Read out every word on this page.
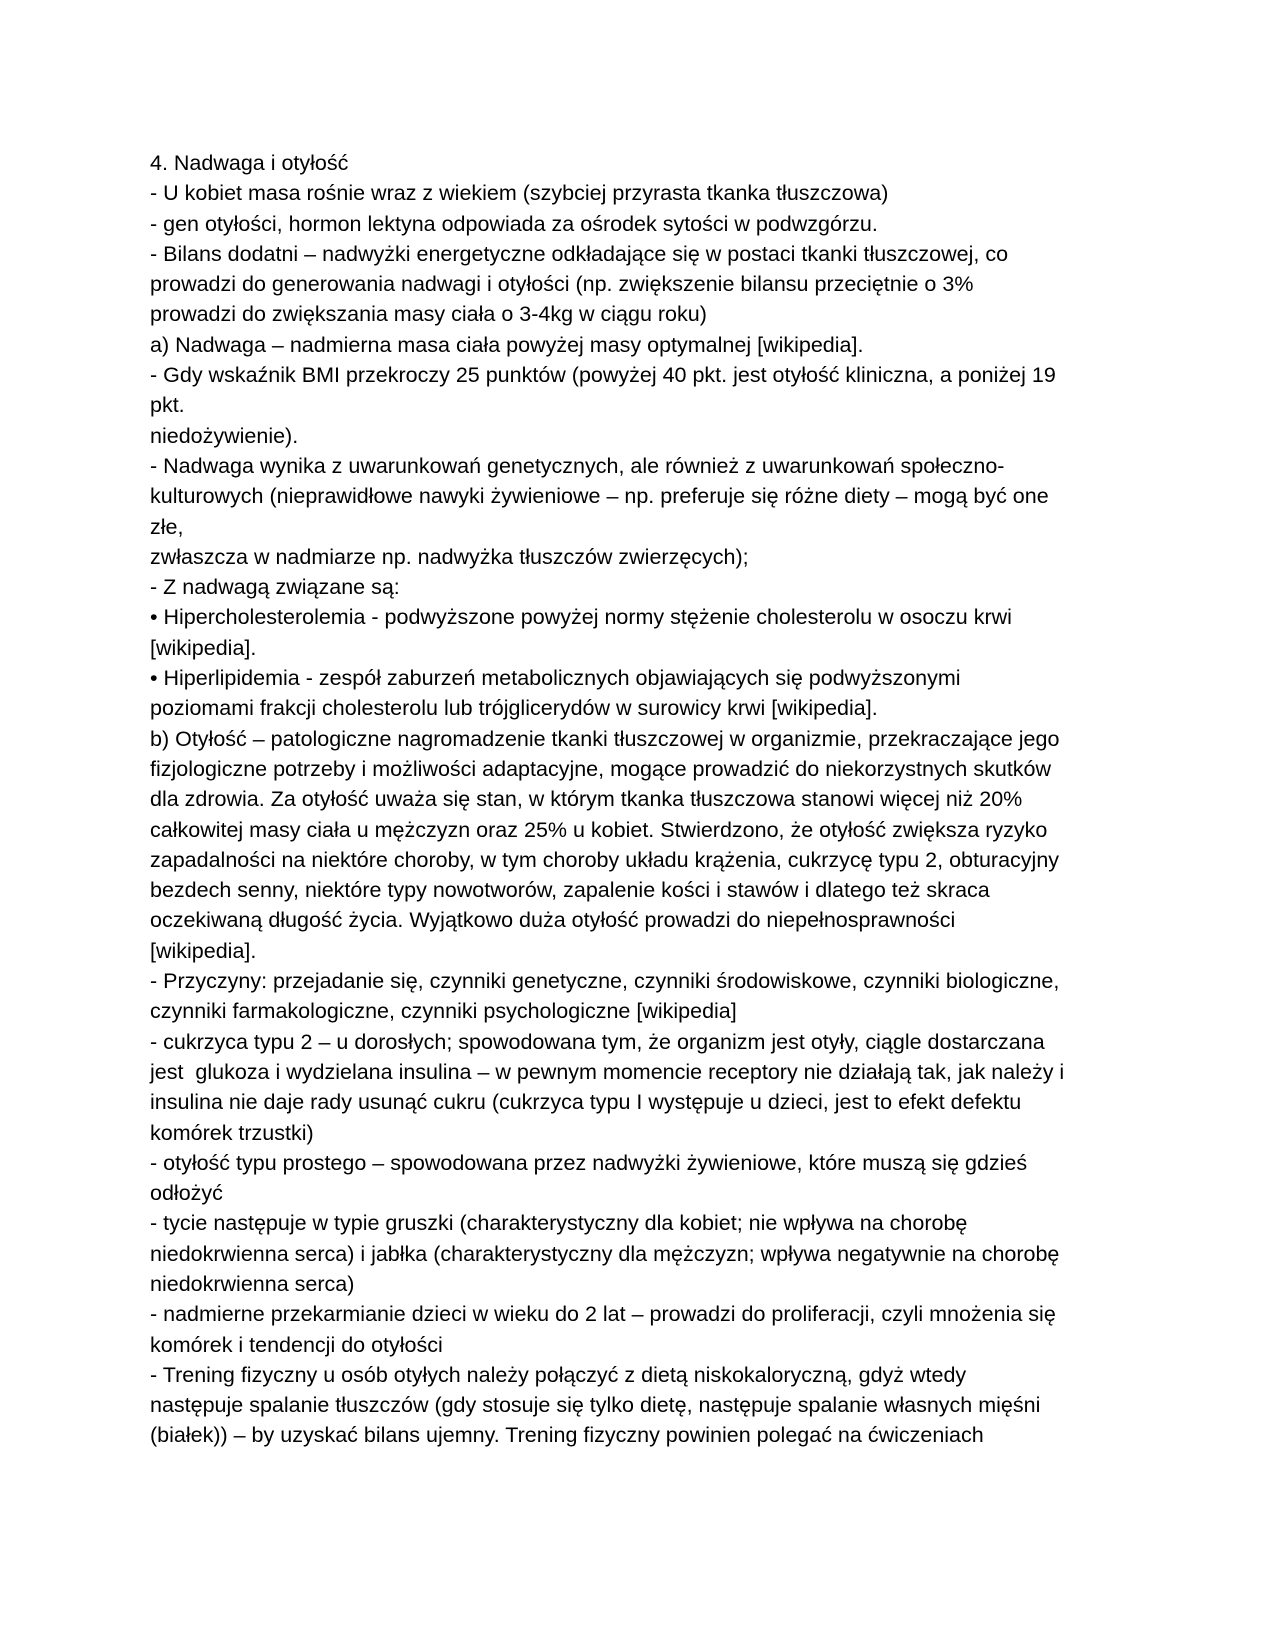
4. Nadwaga i otyłość
- U kobiet masa rośnie wraz z wiekiem (szybciej przyrasta tkanka tłuszczowa)
- gen otyłości, hormon lektyna odpowiada za ośrodek sytości w podwzgórzu.
- Bilans dodatni – nadwyżki energetyczne odkładające się w postaci tkanki tłuszczowej, co
prowadzi do generowania nadwagi i otyłości (np. zwiększenie bilansu przeciętnie o 3%
prowadzi do zwiększania masy ciała o 3-4kg w ciągu roku)
a) Nadwaga – nadmierna masa ciała powyżej masy optymalnej [wikipedia].
- Gdy wskaźnik BMI przekroczy 25 punktów (powyżej 40 pkt. jest otyłość kliniczna, a poniżej 19
pkt.
niedożywienie).
- Nadwaga wynika z uwarunkowań genetycznych, ale również z uwarunkowań społeczno-
kulturowych (nieprawidłowe nawyki żywieniowe – np. preferuje się różne diety – mogą być one
złe,
zwłaszcza w nadmiarze np. nadwyżka tłuszczów zwierzęcych);
- Z nadwagą związane są:
• Hipercholesterolemia - podwyższone powyżej normy stężenie cholesterolu w osoczu krwi
[wikipedia].
• Hiperlipidemia - zespół zaburzeń metabolicznych objawiających się podwyższonymi
poziomami frakcji cholesterolu lub trójglicerydów w surowicy krwi [wikipedia].
b) Otyłość – patologiczne nagromadzenie tkanki tłuszczowej w organizmie, przekraczające jego
fizjologiczne potrzeby i możliwości adaptacyjne, mogące prowadzić do niekorzystnych skutków
dla zdrowia. Za otyłość uważa się stan, w którym tkanka tłuszczowa stanowi więcej niż 20%
całkowitej masy ciała u mężczyzn oraz 25% u kobiet. Stwierdzono, że otyłość zwiększa ryzyko
zapadalności na niektóre choroby, w tym choroby układu krążenia, cukrzycę typu 2, obturacyjny
bezdech senny, niektóre typy nowotworów, zapalenie kości i stawów i dlatego też skraca
oczekiwaną długość życia. Wyjątkowo duża otyłość prowadzi do niepełnosprawności
[wikipedia].
- Przyczyny: przejadanie się, czynniki genetyczne, czynniki środowiskowe, czynniki biologiczne,
czynniki farmakologiczne, czynniki psychologiczne [wikipedia]
- cukrzyca typu 2 – u dorosłych; spowodowana tym, że organizm jest otyły, ciągle dostarczana
jest  glukoza i wydzielana insulina – w pewnym momencie receptory nie działają tak, jak należy i
insulina nie daje rady usunąć cukru (cukrzyca typu I występuje u dzieci, jest to efekt defektu
komórek trzustki)
- otyłość typu prostego – spowodowana przez nadwyżki żywieniowe, które muszą się gdzieś
odłożyć
- tycie następuje w typie gruszki (charakterystyczny dla kobiet; nie wpływa na chorobę
niedokrwienna serca) i jabłka (charakterystyczny dla mężczyzn; wpływa negatywnie na chorobę
niedokrwienna serca)
- nadmierne przekarmianie dzieci w wieku do 2 lat – prowadzi do proliferacji, czyli mnożenia się
komórek i tendencji do otyłości
- Trening fizyczny u osób otyłych należy połączyć z dietą niskokaloryczną, gdyż wtedy
następuje spalanie tłuszczów (gdy stosuje się tylko dietę, następuje spalanie własnych mięśni
(białek)) – by uzyskać bilans ujemny. Trening fizyczny powinien polegać na ćwiczeniach
